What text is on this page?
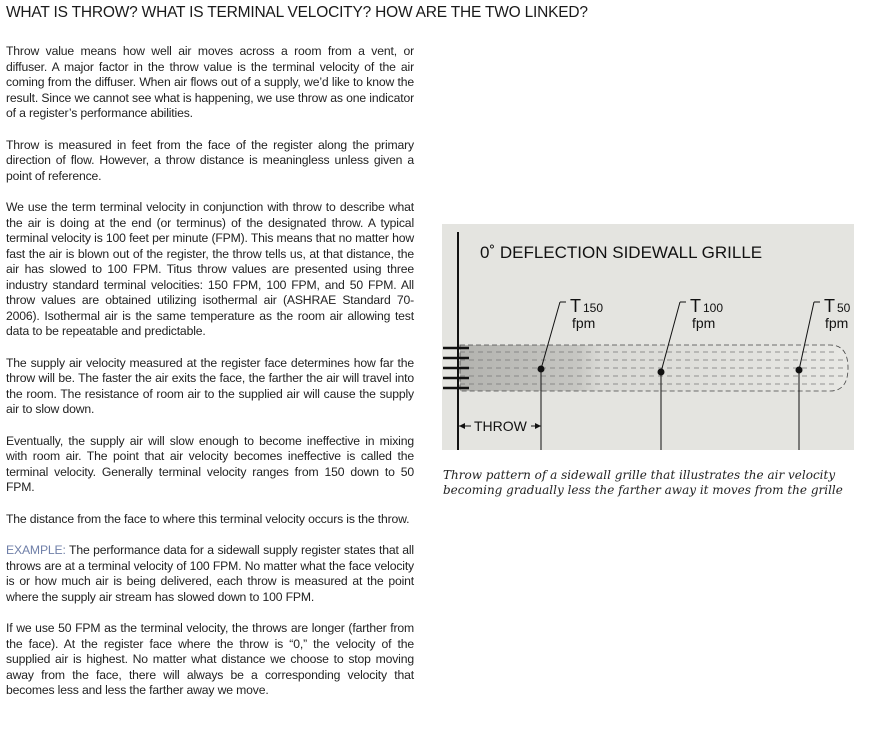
WHAT IS THROW? WHAT IS TERMINAL VELOCITY? HOW ARE THE TWO LINKED?

Throw value means how well air moves across a room from a vent, or diffuser. A major factor in the throw value is the terminal velocity of the air coming from the diffuser. When air flows out of a supply, we’d like to know the result. Since we cannot see what is happening, we use throw as one indicator of a register’s performance abilities.

Throw is measured in feet from the face of the register along the primary direction of flow. However, a throw distance is meaningless unless given a point of reference.

We use the term terminal velocity in conjunction with throw to describe what the air is doing at the end (or terminus) of the designated throw. A typical terminal velocity is 100 feet per minute (FPM). This means that no matter how fast the air is blown out of the register, the throw tells us, at that distance, the air has slowed to 100 FPM. Titus throw values are presented using three industry standard terminal velocities: 150 FPM, 100 FPM, and 50 FPM. All throw values are obtained utilizing isothermal air (ASHRAE Standard 70-2006). Isothermal air is the same temperature as the room air allowing test data to be repeatable and predictable.

The supply air velocity measured at the register face determines how far the throw will be. The faster the air exits the face, the farther the air will travel into the room. The resistance of room air to the supplied air will cause the supply air to slow down.

Eventually, the supply air will slow enough to become ineffective in mixing with room air. The point that air velocity becomes ineffective is called the terminal velocity. Generally terminal velocity ranges from 150 down to 50 FPM.

The distance from the face to where this terminal velocity occurs is the throw.

EXAMPLE: The performance data for a sidewall supply register states that all throws are at a terminal velocity of 100 FPM. No matter what the face velocity is or how much air is being delivered, each throw is measured at the point where the supply air stream has slowed down to 100 FPM.

If we use 50 FPM as the terminal velocity, the throws are longer (farther from the face). At the register face where the throw is “0,” the velocity of the supplied air is highest. No matter what distance we choose to stop moving away from the face, there will always be a corresponding velocity that becomes less and less the farther away we move.

0˚ DEFLECTION SIDEWALL GRILLE
T 150
fpm
T 100
fpm
T 50
fpm
THROW
Throw pattern of a sidewall grille that illustrates the air velocity becoming gradually less the farther away it moves from the grille
